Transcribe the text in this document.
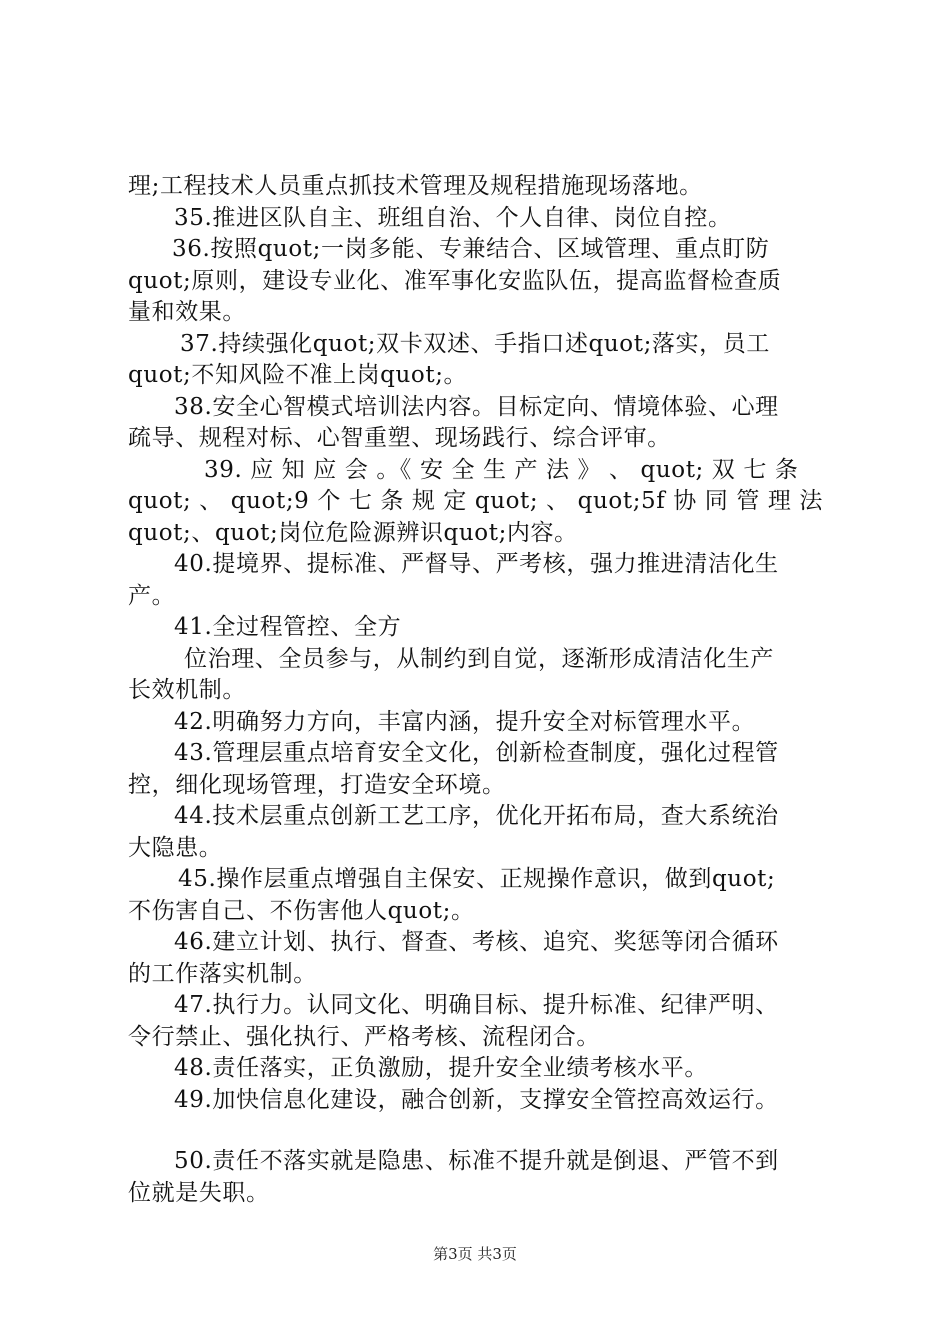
理;工程技术人员重点抓技术管理及规程措施现场落地。

35.推进区队自主、班组自治、个人自律、岗位自控。

36.按照quot;一岗多能、专兼结合、区域管理、重点盯防
quot;原则，建设专业化、准军事化安监队伍，提高监督检查质
量和效果。

37.持续强化quot;双卡双述、手指口述quot;落实，员工
quot;不知风险不准上岗quot;。

38.安全心智模式培训法内容。目标定向、情境体验、心理
疏导、规程对标、心智重塑、现场践行、综合评审。

39. 应 知 应 会 。《 安 全 生 产 法 》 、 quot; 双 七 条
quot; 、 quot;9 个 七 条 规 定 quot; 、 quot;5f 协 同 管 理 法
quot;、quot;岗位危险源辨识quot;内容。

40.提境界、提标准、严督导、严考核，强力推进清洁化生
产。

41.全过程管控、全方

位治理、全员参与，从制约到自觉，逐渐形成清洁化生产
长效机制。

42.明确努力方向，丰富内涵，提升安全对标管理水平。

43.管理层重点培育安全文化，创新检查制度，强化过程管
控，细化现场管理，打造安全环境。

44.技术层重点创新工艺工序，优化开拓布局，查大系统治
大隐患。

45.操作层重点增强自主保安、正规操作意识，做到quot;
不伤害自己、不伤害他人quot;。

46.建立计划、执行、督查、考核、追究、奖惩等闭合循环
的工作落实机制。

47.执行力。认同文化、明确目标、提升标准、纪律严明、
令行禁止、强化执行、严格考核、流程闭合。

48.责任落实，正负激励，提升安全业绩考核水平。

49.加快信息化建设，融合创新，支撑安全管控高效运行。

50.责任不落实就是隐患、标准不提升就是倒退、严管不到
位就是失职。

第3页 共3页
